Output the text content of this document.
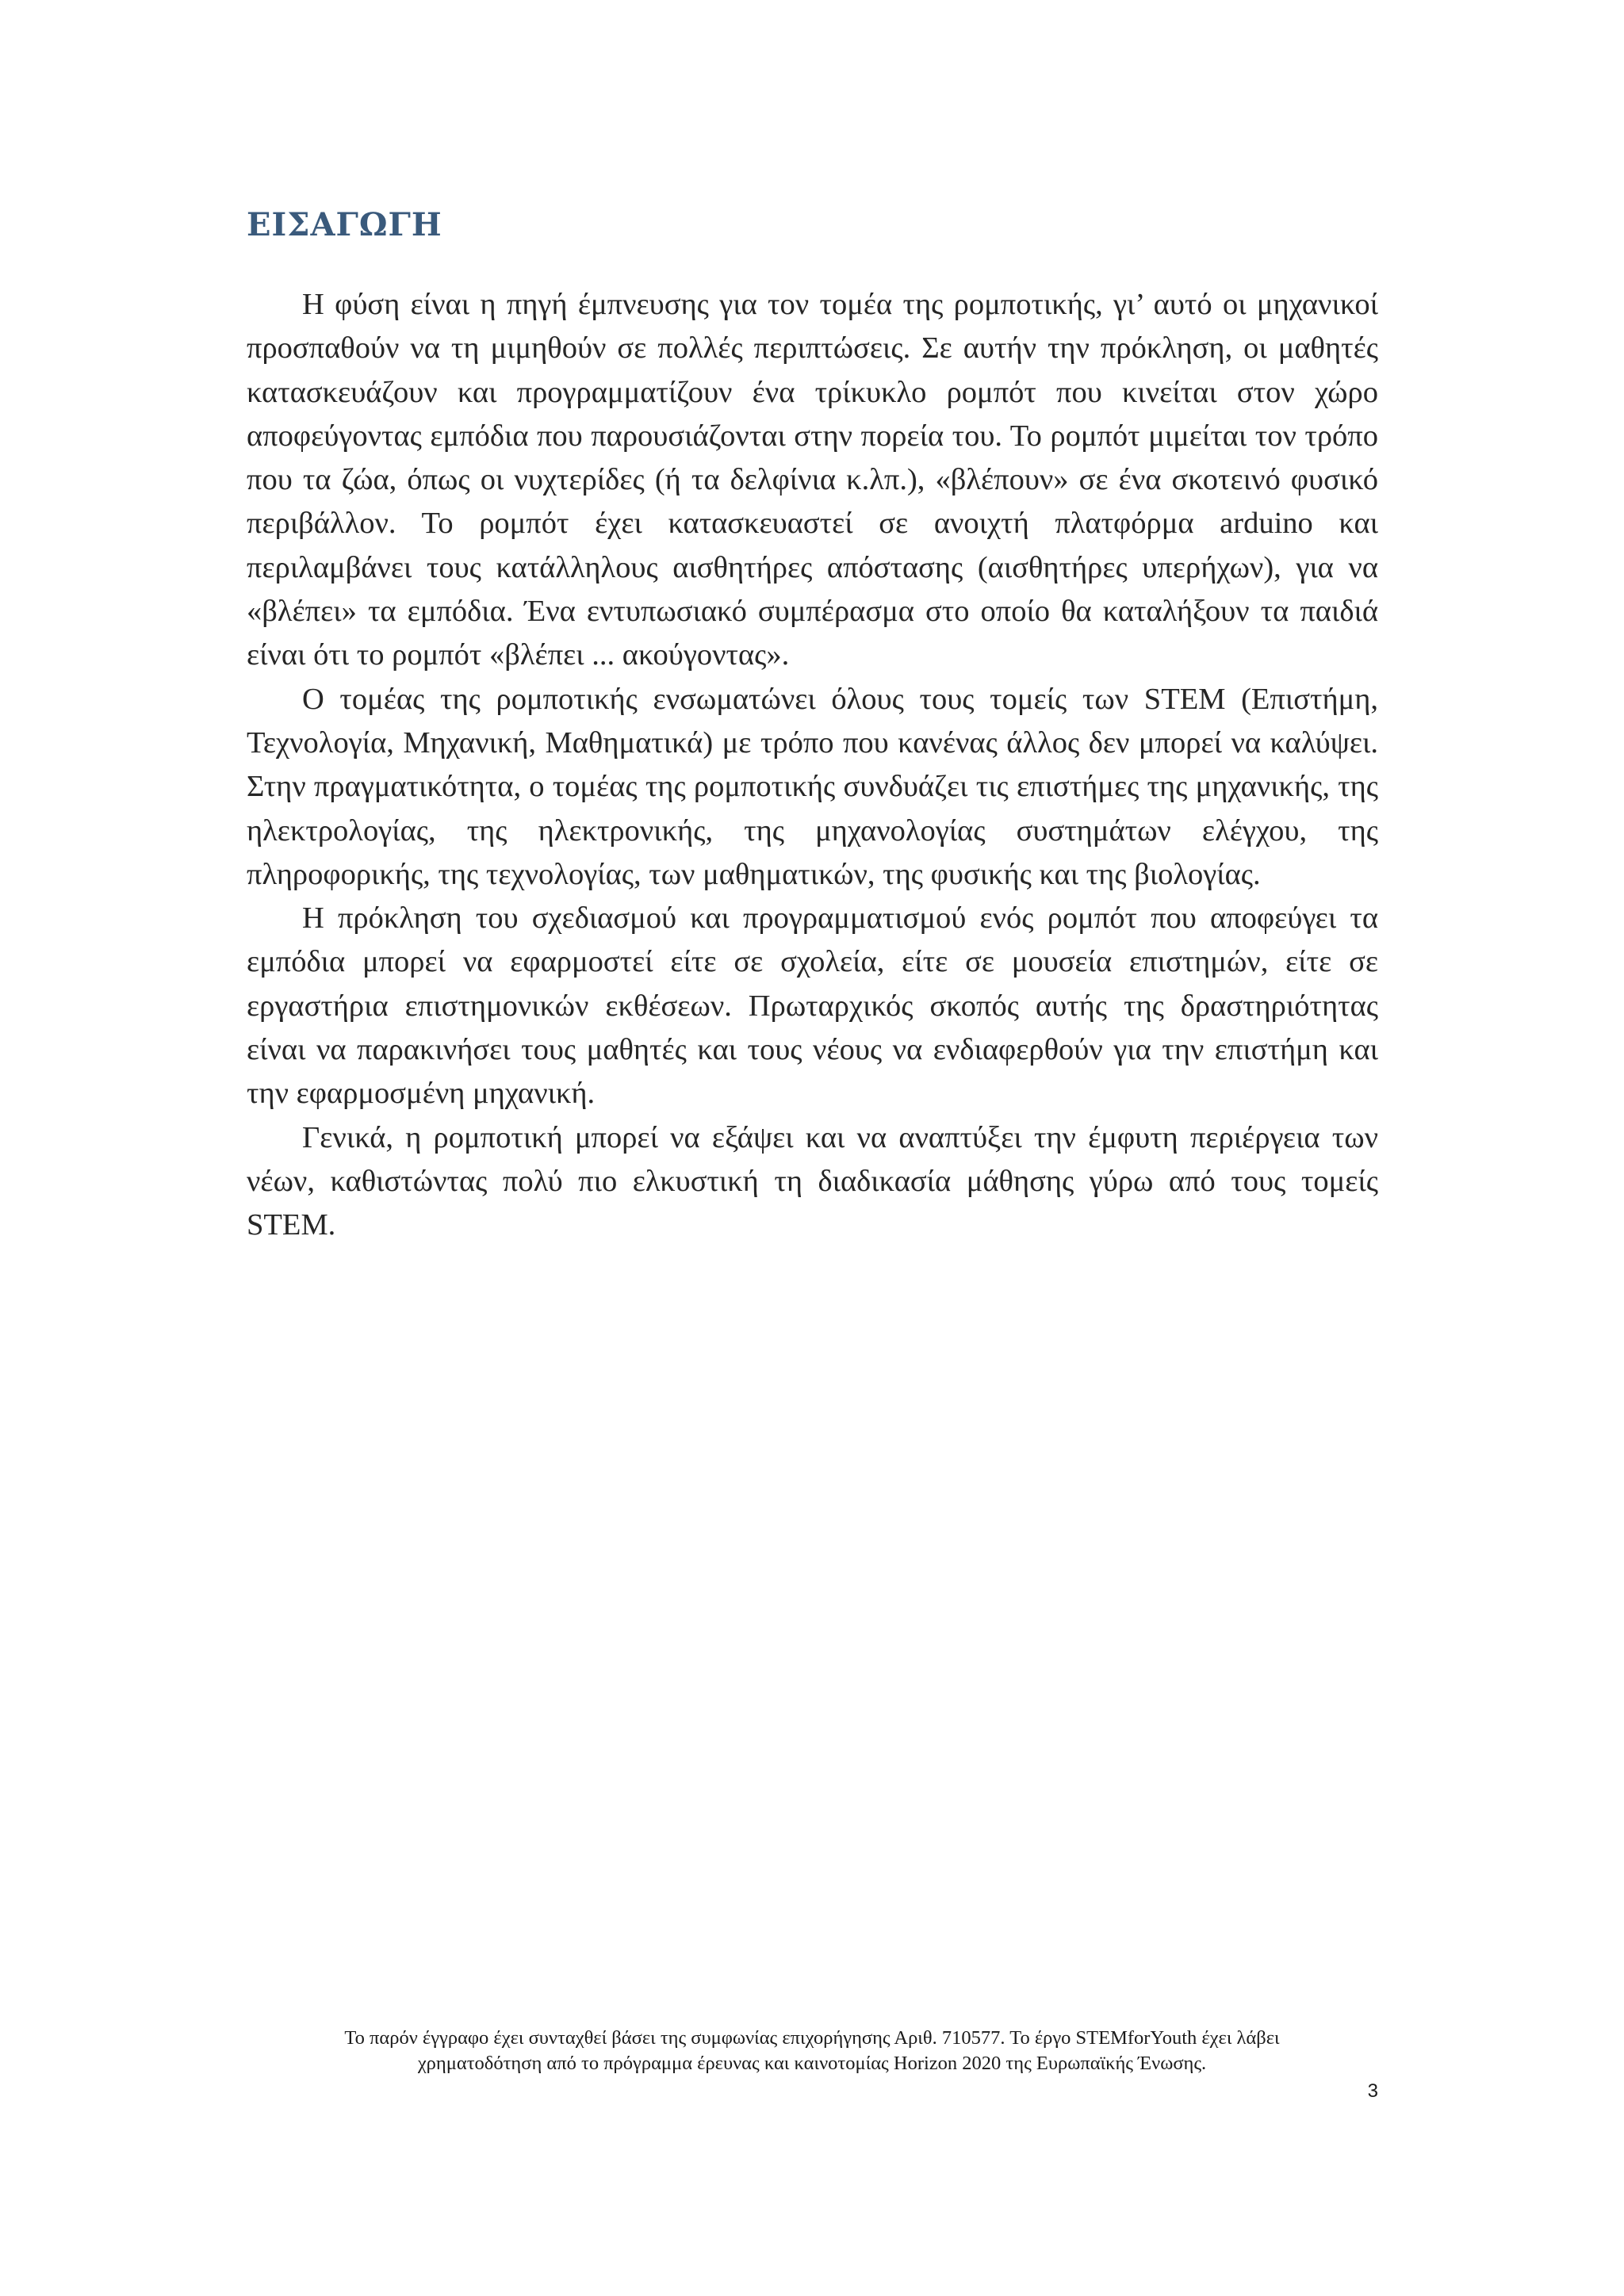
ΕΙΣΑΓΩΓΗ

Η φύση είναι η πηγή έμπνευσης για τον τομέα της ρομποτικής, γι’ αυτό οι μηχανικοί προσπαθούν να τη μιμηθούν σε πολλές περιπτώσεις. Σε αυτήν την πρόκληση, οι μαθητές κατασκευάζουν και προγραμματίζουν ένα τρίκυκλο ρομπότ που κινείται στον χώρο αποφεύγοντας εμπόδια που παρουσιάζονται στην πορεία του. Το ρομπότ μιμείται τον τρόπο που τα ζώα, όπως οι νυχτερίδες (ή τα δελφίνια κ.λπ.), «βλέπουν» σε ένα σκοτεινό φυσικό περιβάλλον. Το ρομπότ έχει κατασκευαστεί σε ανοιχτή πλατφόρμα arduino και περιλαμβάνει τους κατάλληλους αισθητήρες απόστασης (αισθητήρες υπερήχων), για να «βλέπει» τα εμπόδια. Ένα εντυπωσιακό συμπέρασμα στο οποίο θα καταλήξουν τα παιδιά είναι ότι το ρομπότ «βλέπει ... ακούγοντας».

Ο τομέας της ρομποτικής ενσωματώνει όλους τους τομείς των STEM (Επιστήμη, Τεχνολογία, Μηχανική, Μαθηματικά) με τρόπο που κανένας άλλος δεν μπορεί να καλύψει. Στην πραγματικότητα, ο τομέας της ρομποτικής συνδυάζει τις επιστήμες της μηχανικής, της ηλεκτρολογίας, της ηλεκτρονικής, της μηχανολογίας συστημάτων ελέγχου, της πληροφορικής, της τεχνολογίας, των μαθηματικών, της φυσικής και της βιολογίας.

Η πρόκληση του σχεδιασμού και προγραμματισμού ενός ρομπότ που αποφεύγει τα εμπόδια μπορεί να εφαρμοστεί είτε σε σχολεία, είτε σε μουσεία επιστημών, είτε σε εργαστήρια επιστημονικών εκθέσεων. Πρωταρχικός σκοπός αυτής της δραστηριότητας είναι να παρακινήσει τους μαθητές και τους νέους να ενδιαφερθούν για την επιστήμη και την εφαρμοσμένη μηχανική.

Γενικά, η ρομποτική μπορεί να εξάψει και να αναπτύξει την έμφυτη περιέργεια των νέων, καθιστώντας πολύ πιο ελκυστική τη διαδικασία μάθησης γύρω από τους τομείς STEM.

Το παρόν έγγραφο έχει συνταχθεί βάσει της συμφωνίας επιχορήγησης Αριθ. 710577. Το έργο STEMforYouth έχει λάβει
χρηματοδότηση από το πρόγραμμα έρευνας και καινοτομίας Horizon 2020 της Ευρωπαϊκής Ένωσης.
3
